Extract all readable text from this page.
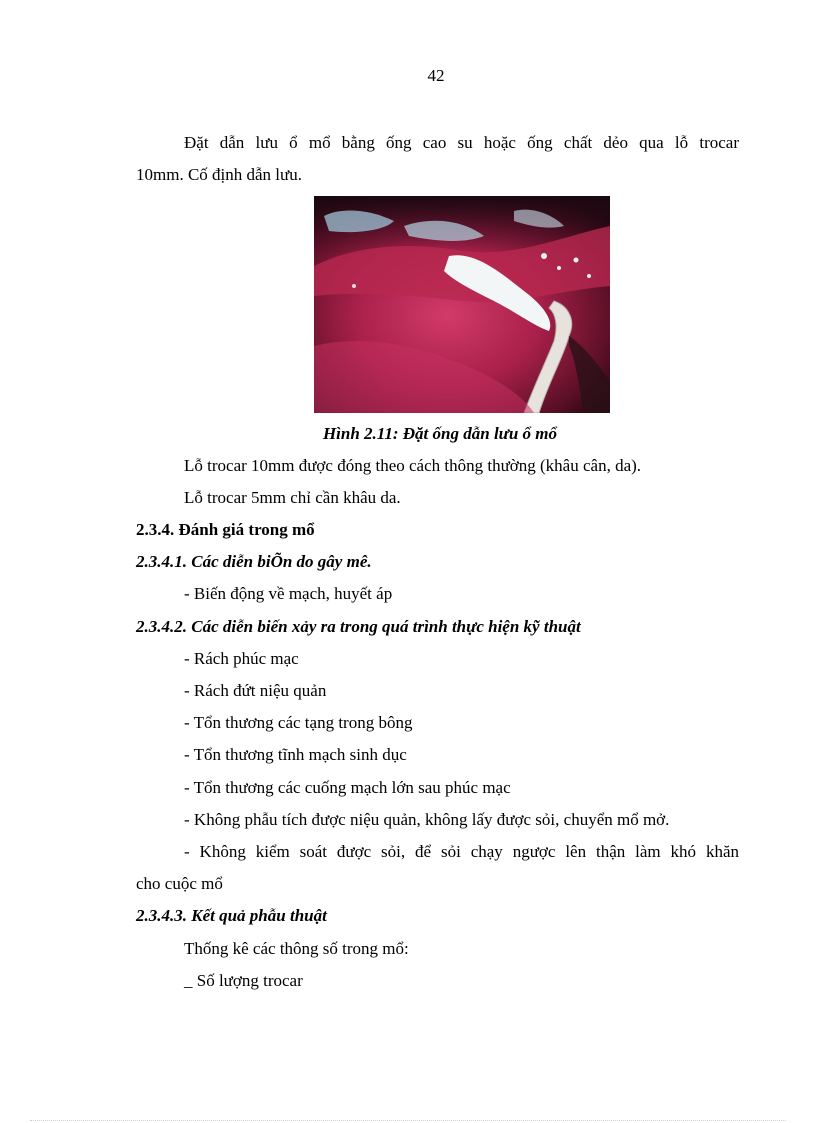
42
Đặt dẫn lưu ổ mổ bằng ống cao su hoặc ống chất dẻo qua lỗ trocar
10mm. Cố định dẫn lưu.
Hình 2.11: Đặt ống dẫn lưu ổ mổ
Lỗ trocar 10mm được đóng theo cách thông thường (khâu cân, da).
Lỗ trocar 5mm chỉ cần khâu da.
2.3.4. Đánh giá trong mổ
2.3.4.1. Các diễn biÕn do gây mê.
- Biến động về mạch, huyết áp
2.3.4.2. Các diễn biến xảy ra trong quá trình thực hiện kỹ thuật
- Rách phúc mạc
- Rách đứt niệu quản
- Tổn thương các tạng trong bông
- Tổn thương tĩnh mạch sinh dục
- Tổn thương các cuống mạch lớn sau phúc mạc
- Không phẫu tích được niệu quản, không lấy được sỏi, chuyển mổ mở.
- Không kiểm soát được sỏi, để sỏi chạy ngược lên thận làm khó khăn
cho cuộc mổ
2.3.4.3. Kết quả phẫu thuật
Thống kê các thông số trong mổ:
_ Số lượng trocar
